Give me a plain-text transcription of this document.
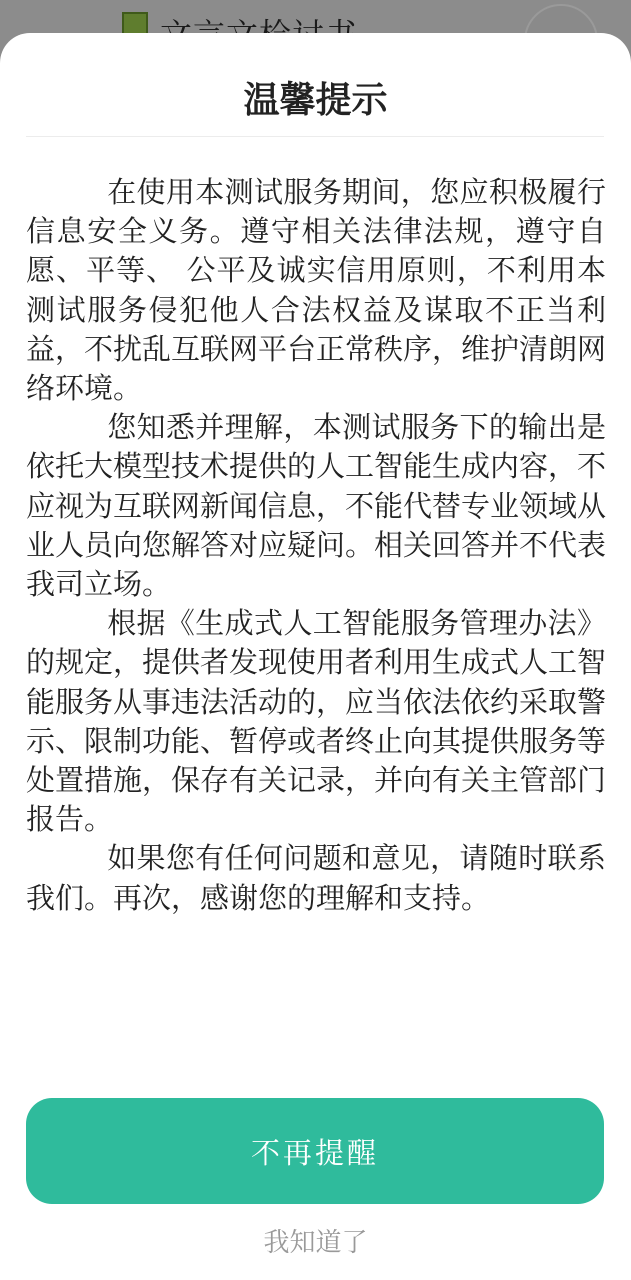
温馨提示

在使用本测试服务期间，您应积极履行信息安全义务。遵守相关法律法规，遵守自愿、平等、 公平及诚实信用原则，不利用本测试服务侵犯他人合法权益及谋取不正当利益，不扰乱互联网平台正常秩序，维护清朗网络环境。

您知悉并理解，本测试服务下的输出是依托大模型技术提供的人工智能生成内容，不应视为互联网新闻信息，不能代替专业领域从业人员向您解答对应疑问。相关回答并不代表我司立场。

根据《生成式人工智能服务管理办法》的规定，提供者发现使用者利用生成式人工智能服务从事违法活动的，应当依法依约采取警示、限制功能、暂停或者终止向其提供服务等处置措施，保存有关记录，并向有关主管部门报告。

如果您有任何问题和意见，请随时联系我们。再次，感谢您的理解和支持。

不再提醒
我知道了
